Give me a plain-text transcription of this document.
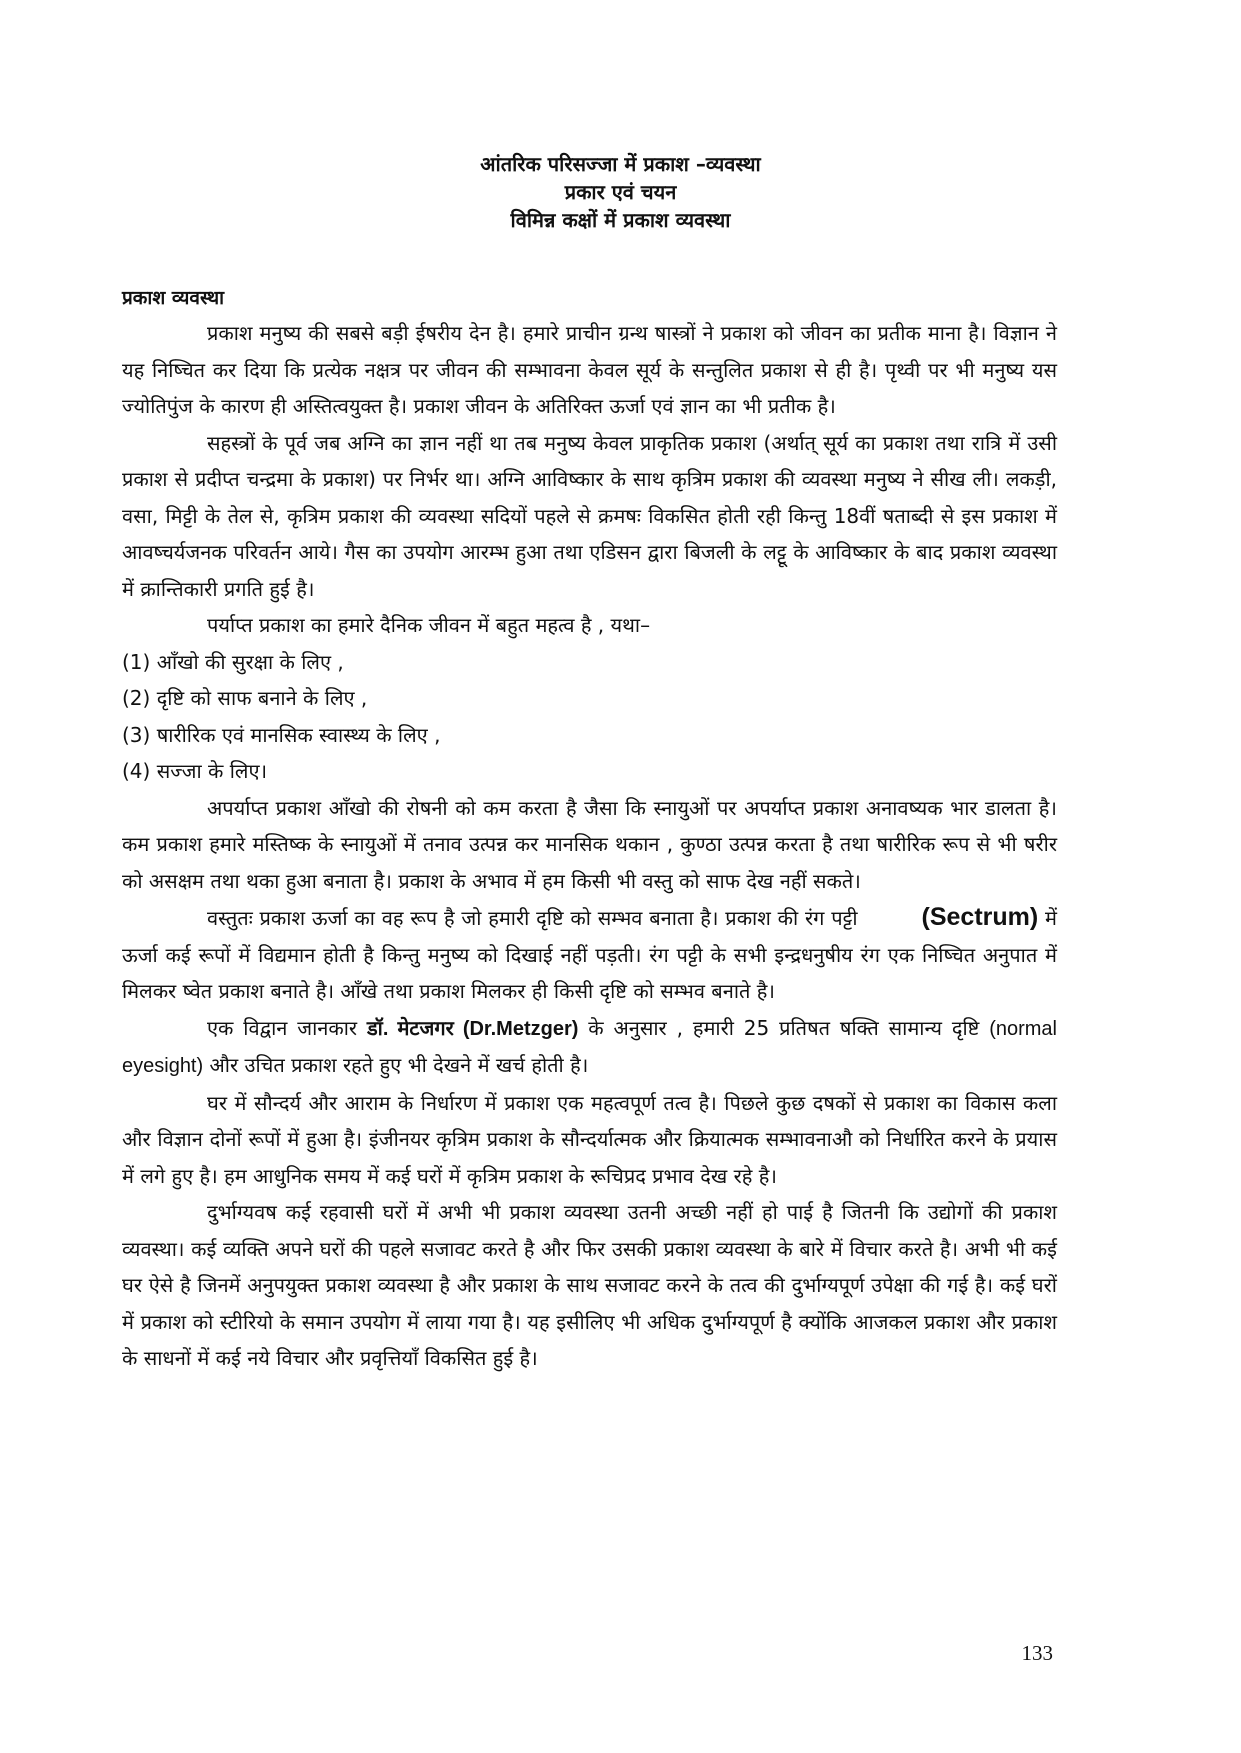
आंतरिक परिसज्जा में प्रकाश –व्यवस्था
प्रकार एवं चयन
विमिन्न कक्षों में प्रकाश व्यवस्था

प्रकाश व्यवस्था

प्रकाश मनुष्य की सबसे बड़ी ईषरीय देन है। हमारे प्राचीन ग्रन्थ षास्त्रों ने प्रकाश को जीवन का प्रतीक माना है। विज्ञान ने यह निष्चित कर दिया कि प्रत्येक नक्षत्र पर जीवन की सम्भावना केवल सूर्य के सन्तुलित प्रकाश से ही है। पृथ्वी पर भी मनुष्य यस ज्योतिपुंज के कारण ही अस्तित्वयुक्त है। प्रकाश जीवन के अतिरिक्त ऊर्जा एवं ज्ञान का भी प्रतीक है।

सहस्त्रों के पूर्व जब अग्नि का ज्ञान नहीं था तब मनुष्य केवल प्राकृतिक प्रकाश (अर्थात् सूर्य का प्रकाश तथा रात्रि में उसी प्रकाश से प्रदीप्त चन्द्रमा के प्रकाश) पर निर्भर था। अग्नि आविष्कार के साथ कृत्रिम प्रकाश की व्यवस्था मनुष्य ने सीख ली। लकड़ी, वसा, मिट्टी के तेल से, कृत्रिम प्रकाश की व्यवस्था सदियों पहले से क्रमषः विकसित होती रही किन्तु 18वीं षताब्दी से इस प्रकाश में आवष्चर्यजनक परिवर्तन आये। गैस का उपयोग आरम्भ हुआ तथा एडिसन द्वारा बिजली के लट्टू के आविष्कार के बाद प्रकाश व्यवस्था में क्रान्तिकारी प्रगति हुई है।

पर्याप्त प्रकाश का हमारे दैनिक जीवन में बहुत महत्व है , यथा–

(1) आँखो की सुरक्षा के लिए ,
(2) दृष्टि को साफ बनाने के लिए ,
(3) षारीरिक एवं मानसिक स्वास्थ्य के लिए ,
(4) सज्जा के लिए।

अपर्याप्त प्रकाश आँखो की रोषनी को कम करता है जैसा कि स्नायुओं पर अपर्याप्त प्रकाश अनावष्यक भार डालता है। कम प्रकाश हमारे मस्तिष्क के स्नायुओं में तनाव उत्पन्न कर मानसिक थकान , कुण्ठा उत्पन्न करता है तथा षारीरिक रूप से भी षरीर को असक्षम तथा थका हुआ बनाता है। प्रकाश के अभाव में हम किसी भी वस्तु को साफ देख नहीं सकते।

वस्तुतः प्रकाश ऊर्जा का वह रूप है जो हमारी दृष्टि को सम्भव बनाता है। प्रकाश की रंग पट्टी	(Sectrum) में ऊर्जा कई रूपों में विद्यमान होती है किन्तु मनुष्य को दिखाई नहीं पड़ती। रंग पट्टी के सभी इन्द्रधनुषीय रंग एक निष्चित अनुपात में मिलकर ष्वेत प्रकाश बनाते है। आँखे तथा प्रकाश मिलकर ही किसी दृष्टि को सम्भव बनाते है।

एक विद्वान जानकार डॉ. मेटजगर (Dr.Metzger) के अनुसार , हमारी 25 प्रतिषत षक्ति सामान्य दृष्टि (normal eyesight) और उचित प्रकाश रहते हुए भी देखने में खर्च होती है।

घर में सौन्दर्य और आराम के निर्धारण में प्रकाश एक महत्वपूर्ण तत्व है। पिछले कुछ दषकों से प्रकाश का विकास कला और विज्ञान दोनों रूपों में हुआ है। इंजीनयर कृत्रिम प्रकाश के सौन्दर्यात्मक और क्रियात्मक सम्भावनाऔ को निर्धारित करने के प्रयास में लगे हुए है। हम आधुनिक समय में कई घरों में कृत्रिम प्रकाश के रूचिप्रद प्रभाव देख रहे है।

दुर्भाग्यवष कई रहवासी घरों में अभी भी प्रकाश व्यवस्था उतनी अच्छी नहीं हो पाई है जितनी कि उद्योगों की प्रकाश व्यवस्था। कई व्यक्ति अपने घरों की पहले सजावट करते है और फिर उसकी प्रकाश व्यवस्था के बारे में विचार करते है। अभी भी कई घर ऐसे है जिनमें अनुपयुक्त प्रकाश व्यवस्था है और प्रकाश के साथ सजावट करने के तत्व की दुर्भाग्यपूर्ण उपेक्षा की गई है। कई घरों में प्रकाश को स्टीरियो के समान उपयोग में लाया गया है। यह इसीलिए भी अधिक दुर्भाग्यपूर्ण है क्योंकि आजकल प्रकाश और प्रकाश के साधनों में कई नये विचार और प्रवृत्तियाँ विकसित हुई है।

133
